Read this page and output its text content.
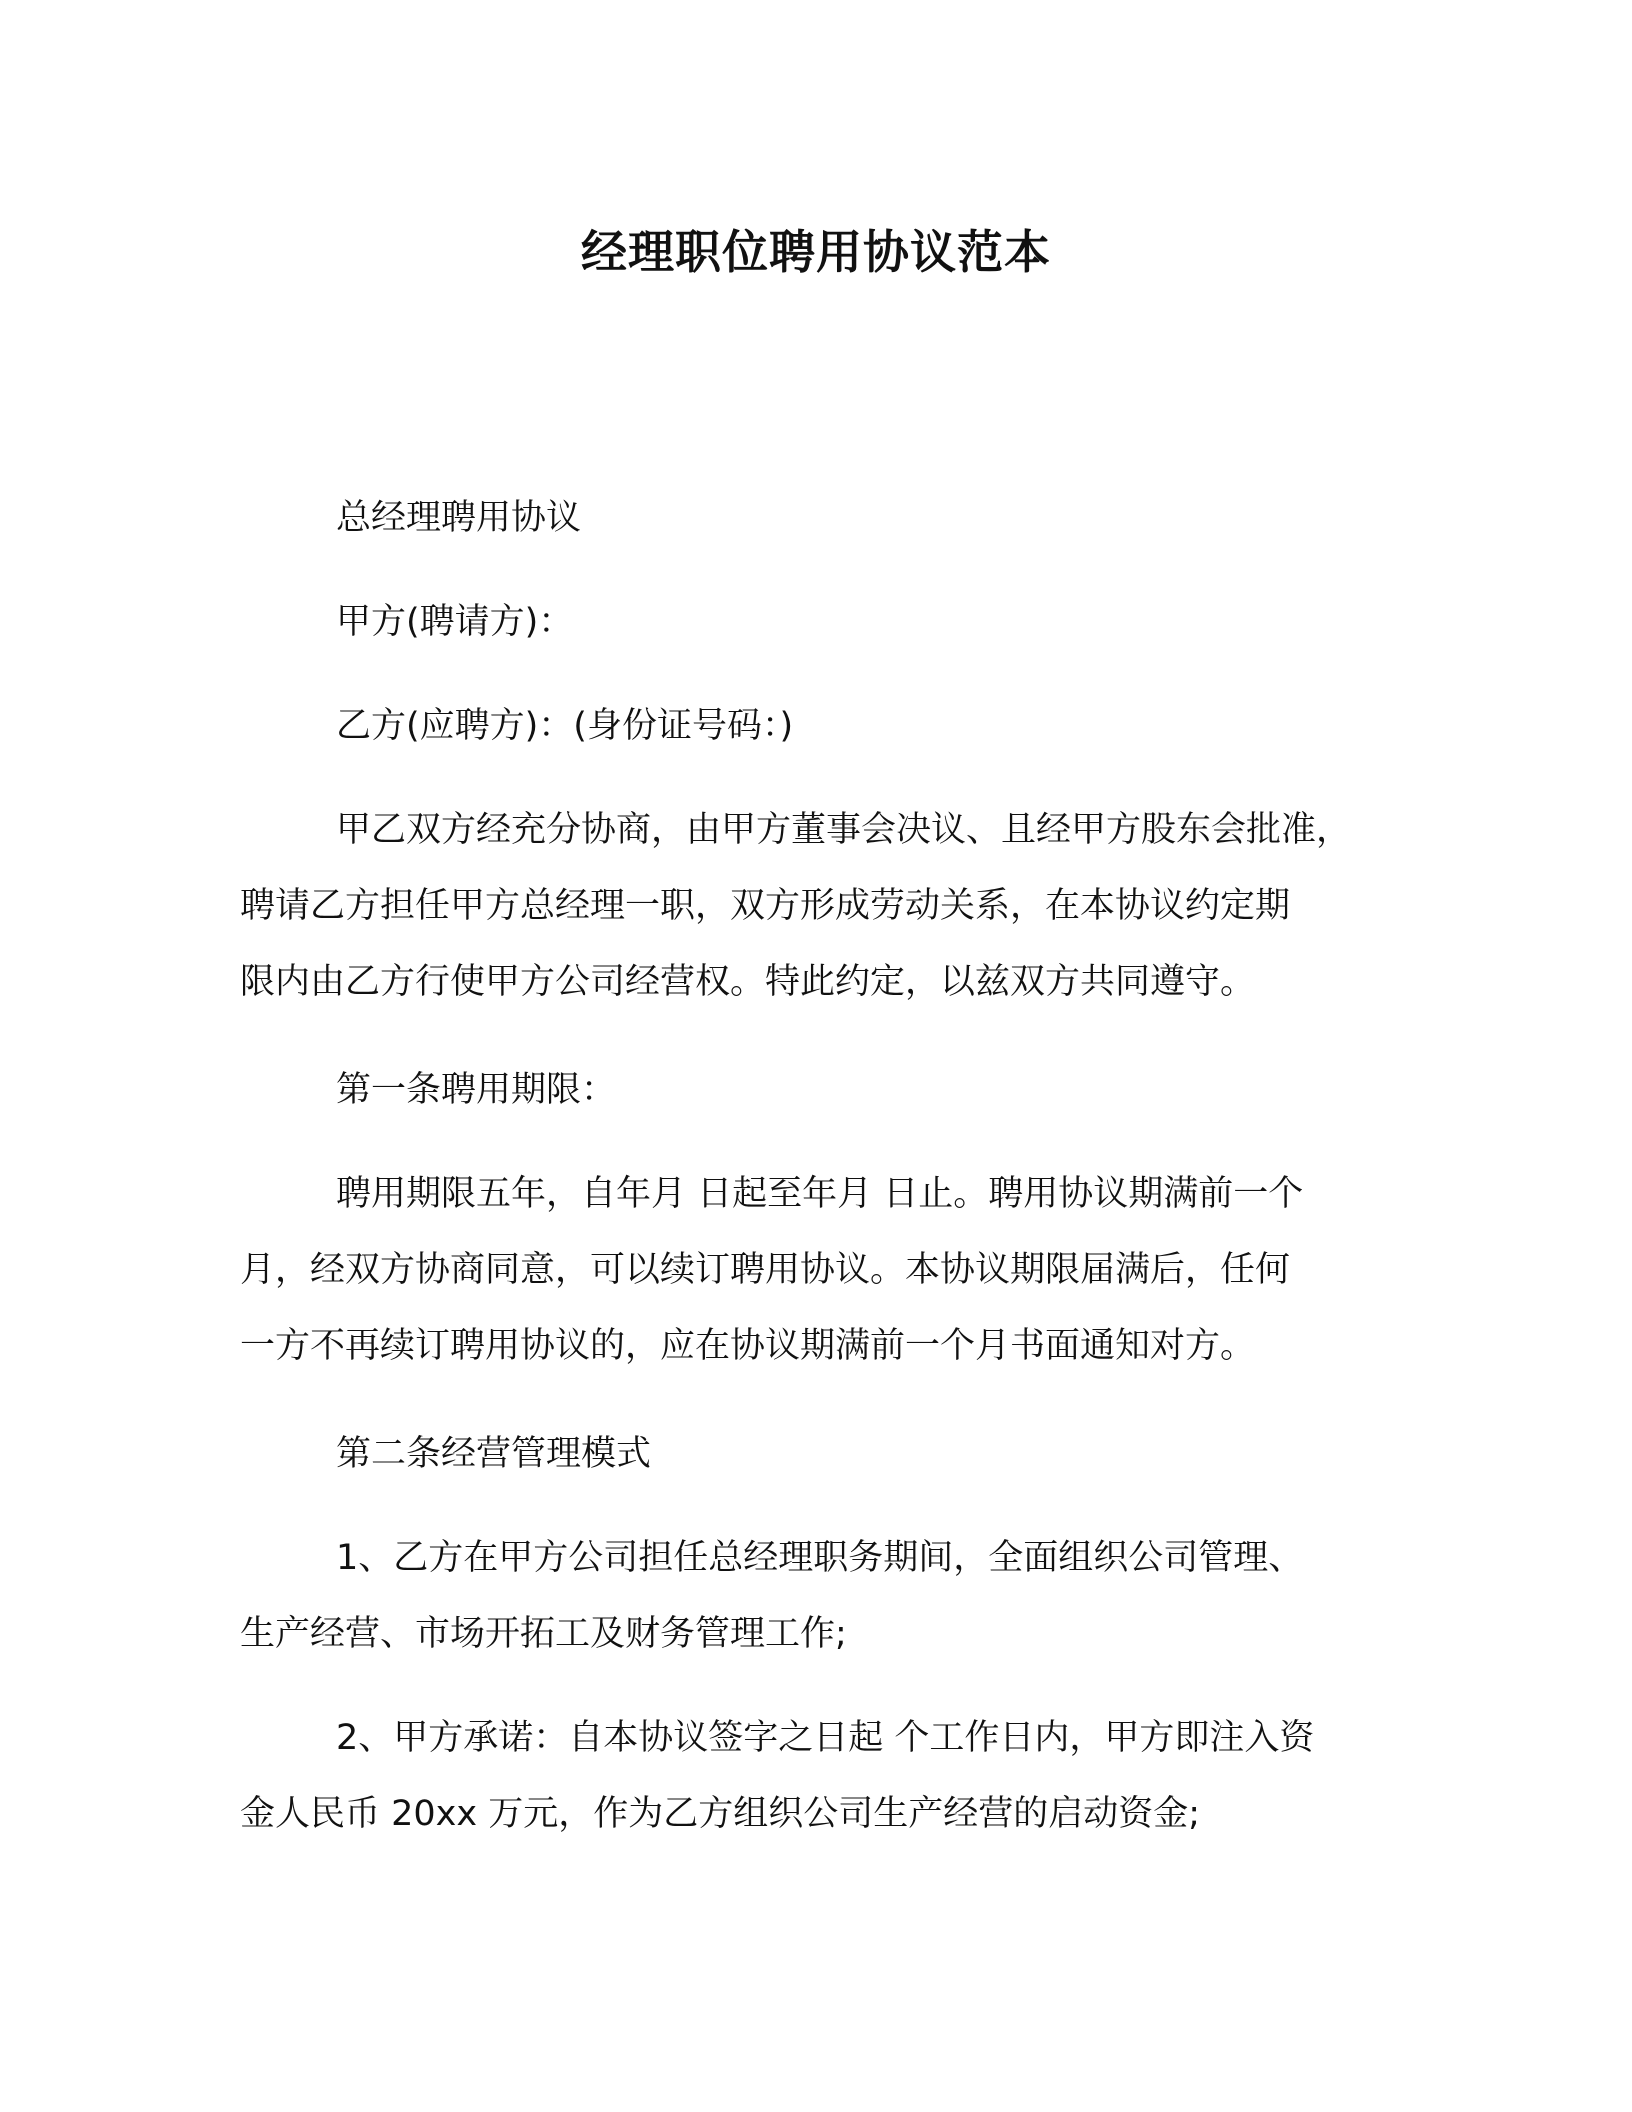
经理职位聘用协议范本

总经理聘用协议

甲方(聘请方)：

乙方(应聘方)：(身份证号码：)

甲乙双方经充分协商，由甲方董事会决议、且经甲方股东会批准，
聘请乙方担任甲方总经理一职，双方形成劳动关系，在本协议约定期
限内由乙方行使甲方公司经营权。特此约定，以兹双方共同遵守。

第一条聘用期限：

聘用期限五年，自年月 日起至年月 日止。聘用协议期满前一个
月，经双方协商同意，可以续订聘用协议。本协议期限届满后，任何
一方不再续订聘用协议的，应在协议期满前一个月书面通知对方。

第二条经营管理模式

1、乙方在甲方公司担任总经理职务期间，全面组织公司管理、
生产经营、市场开拓工及财务管理工作;
2、甲方承诺：自本协议签字之日起 个工作日内，甲方即注入资
金人民币 20xx 万元，作为乙方组织公司生产经营的启动资金;
